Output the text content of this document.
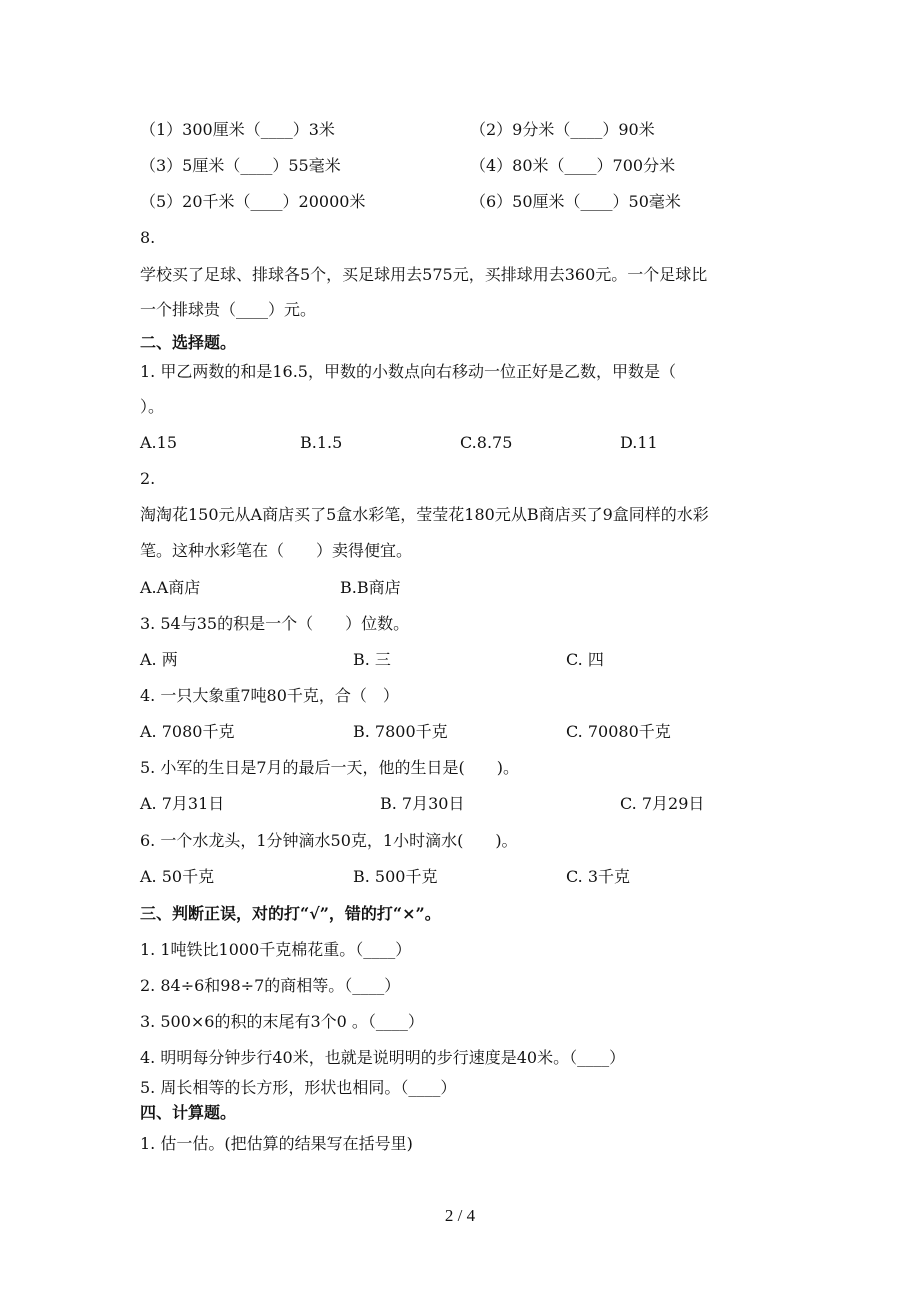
（1）300厘米（____）3米	（2）9分米（____）90米
（3）5厘米（____）55毫米	（4）80米（____）700分米
（5）20千米（____）20000米	（6）50厘米（____）50毫米
8.
学校买了足球、排球各5个，买足球用去575元，买排球用去360元。一个足球比
一个排球贵（____）元。
二、选择题。
1. 甲乙两数的和是16.5，甲数的小数点向右移动一位正好是乙数，甲数是（
）。
A.15	B.1.5	C.8.75	D.11
2.
淘淘花150元从A商店买了5盒水彩笔，莹莹花180元从B商店买了9盒同样的水彩
笔。这种水彩笔在（　　）卖得便宜。
A.A商店	B.B商店
3. 54与35的积是一个（　　）位数。
A. 两	B. 三	C. 四
4. 一只大象重7吨80千克，合（　）
A. 7080千克	B. 7800千克	C. 70080千克
5. 小军的生日是7月的最后一天，他的生日是(　　)。
A. 7月31日	B. 7月30日	C. 7月29日
6. 一个水龙头，1分钟滴水50克，1小时滴水(　　)。
A. 50千克	B. 500千克	C. 3千克
三、判断正误，对的打“√”，错的打“×”。
1. 1吨铁比1000千克棉花重。（____）
2. 84÷6和98÷7的商相等。（____）
3. 500×6的积的末尾有3个0 。（____）
4. 明明每分钟步行40米，也就是说明明的步行速度是40米。（____）
5. 周长相等的长方形，形状也相同。（____）
四、计算题。
1. 估一估。(把估算的结果写在括号里)
2 / 4
